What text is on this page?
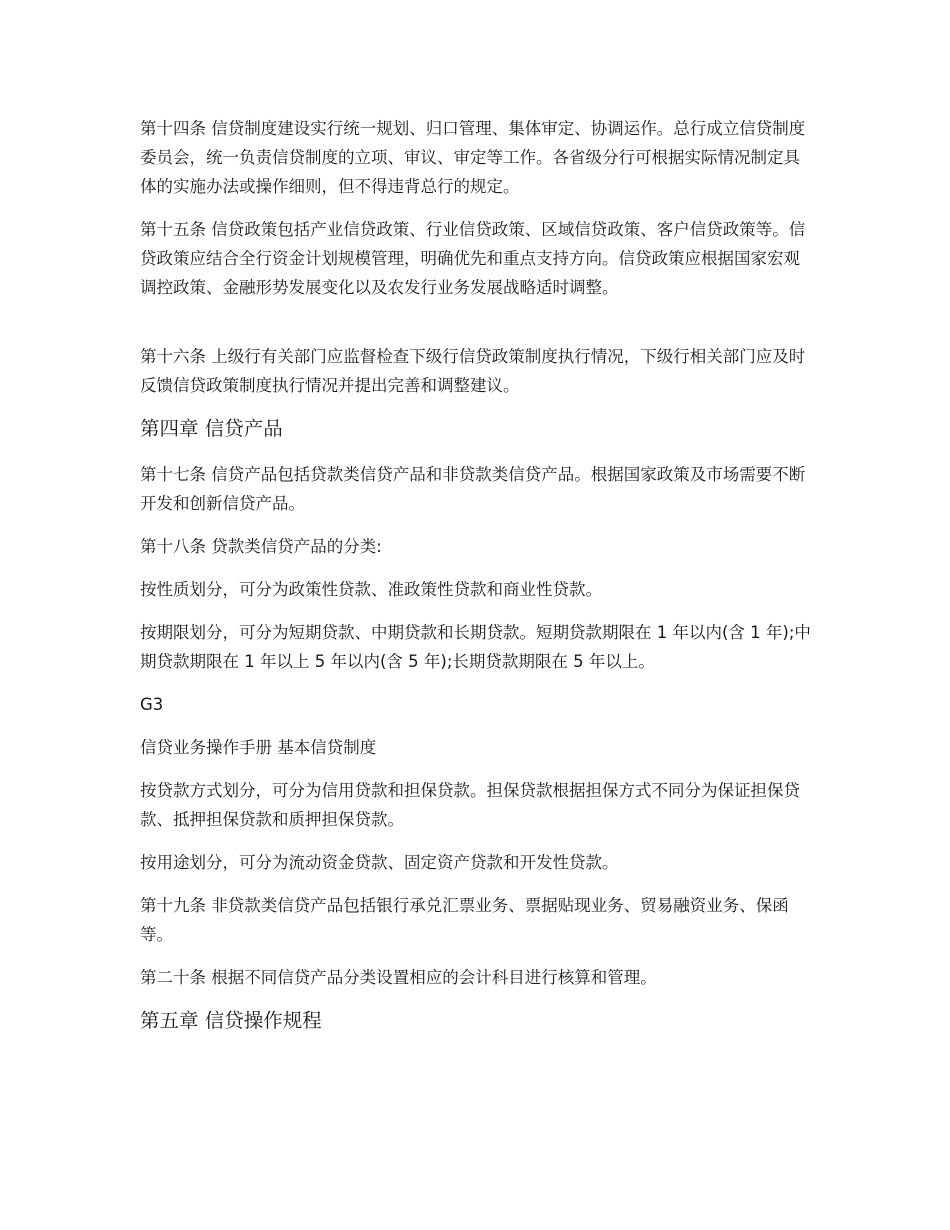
第十四条 信贷制度建设实行统一规划、归口管理、集体审定、协调运作。总行成立信贷制度委员会，统一负责信贷制度的立项、审议、审定等工作。各省级分行可根据实际情况制定具体的实施办法或操作细则，但不得违背总行的规定。

第十五条 信贷政策包括产业信贷政策、行业信贷政策、区域信贷政策、客户信贷政策等。信贷政策应结合全行资金计划规模管理，明确优先和重点支持方向。信贷政策应根据国家宏观调控政策、金融形势发展变化以及农发行业务发展战略适时调整。

第十六条 上级行有关部门应监督检查下级行信贷政策制度执行情况，下级行相关部门应及时反馈信贷政策制度执行情况并提出完善和调整建议。

第四章 信贷产品

第十七条 信贷产品包括贷款类信贷产品和非贷款类信贷产品。根据国家政策及市场需要不断开发和创新信贷产品。

第十八条 贷款类信贷产品的分类:

按性质划分，可分为政策性贷款、准政策性贷款和商业性贷款。

按期限划分，可分为短期贷款、中期贷款和长期贷款。短期贷款期限在 1 年以内(含 1 年);中期贷款期限在 1 年以上 5 年以内(含 5 年);长期贷款期限在 5 年以上。

G3

信贷业务操作手册 基本信贷制度

按贷款方式划分，可分为信用贷款和担保贷款。担保贷款根据担保方式不同分为保证担保贷款、抵押担保贷款和质押担保贷款。

按用途划分，可分为流动资金贷款、固定资产贷款和开发性贷款。

第十九条 非贷款类信贷产品包括银行承兑汇票业务、票据贴现业务、贸易融资业务、保函等。

第二十条 根据不同信贷产品分类设置相应的会计科目进行核算和管理。

第五章 信贷操作规程
